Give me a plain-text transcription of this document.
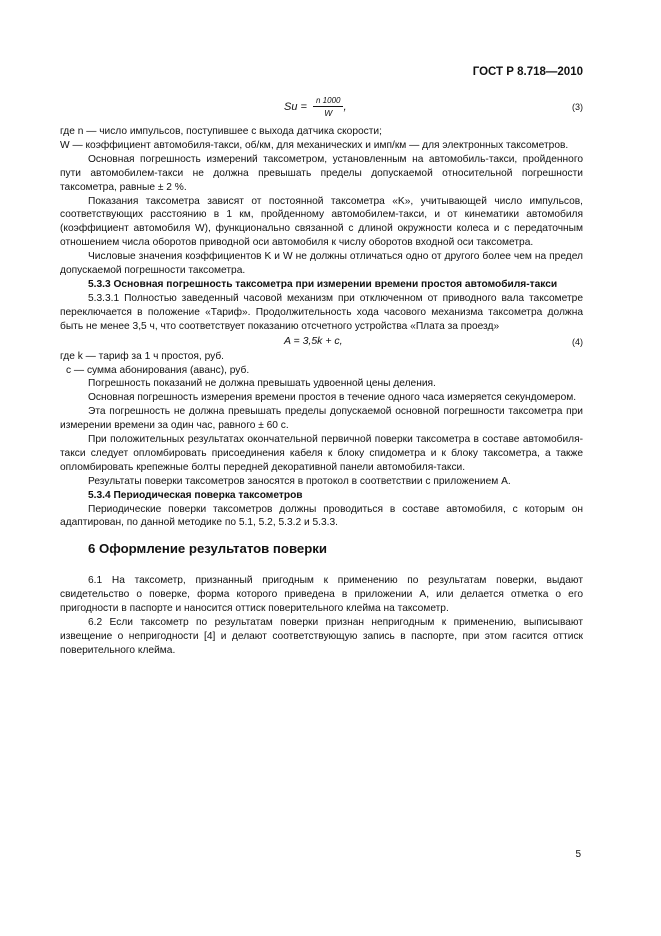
ГОСТ Р 8.718—2010
$Su = \frac{n 1000}{W}$ ,	(3)

где n — число импульсов, поступившее с выхода датчика скорости;

W — коэффициент автомобиля-такси, об/км, для механических и имп/км — для электронных таксометров.

Основная погрешность измерений таксометром, установленным на автомобиль-такси, пройденного пути автомобилем-такси не должна превышать пределы допускаемой относительной погрешности таксометра, равные ± 2 %.

Показания таксометра зависят от постоянной таксометра «K», учитывающей число импульсов, соответствующих расстоянию в 1 км, пройденному автомобилем-такси, и от кинематики автомобиля (коэффициент автомобиля W), функционально связанной с длиной окружности колеса и с передаточным отношением числа оборотов приводной оси автомобиля к числу оборотов входной оси таксометра.

Числовые значения коэффициентов K и W не должны отличаться одно от другого более чем на предел допускаемой погрешности таксометра.

5.3.3 Основная погрешность таксометра при измерении времени простоя автомобиля-такси

5.3.3.1 Полностью заведенный часовой механизм при отключенном от приводного вала таксометре переключается в положение «Тариф». Продолжительность хода часового механизма таксометра должна быть не менее 3,5 ч, что соответствует показанию отсчетного устройства «Плата за проезд»

A = 3,5k + c,	(4)

где k — тариф за 1 ч простоя, руб.

c — сумма абонирования (аванс), руб.

Погрешность показаний не должна превышать удвоенной цены деления.

Основная погрешность измерения времени простоя в течение одного часа измеряется секундомером.

Эта погрешность не должна превышать пределы допускаемой основной погрешности таксометра при измерении времени за один час, равного ± 60 с.

При положительных результатах окончательной первичной поверки таксометра в составе автомобиля-такси следует опломбировать присоединения кабеля к блоку спидометра и к блоку таксометра, а также опломбировать крепежные болты передней декоративной панели автомобиля-такси.

Результаты поверки таксометров заносятся в протокол в соответствии с приложением А.

5.3.4 Периодическая поверка таксометров

Периодические поверки таксометров должны проводиться в составе автомобиля, с которым он адаптирован, по данной методике по 5.1, 5.2, 5.3.2 и 5.3.3.

6 Оформление результатов поверки

6.1 На таксометр, признанный пригодным к применению по результатам поверки, выдают свидетельство о поверке, форма которого приведена в приложении А, или делается отметка о его пригодности в паспорте и наносится оттиск поверительного клейма на таксометр.

6.2 Если таксометр по результатам поверки признан непригодным к применению, выписывают извещение о непригодности [4] и делают соответствующую запись в паспорте, при этом гасится оттиск поверительного клейма.

5
